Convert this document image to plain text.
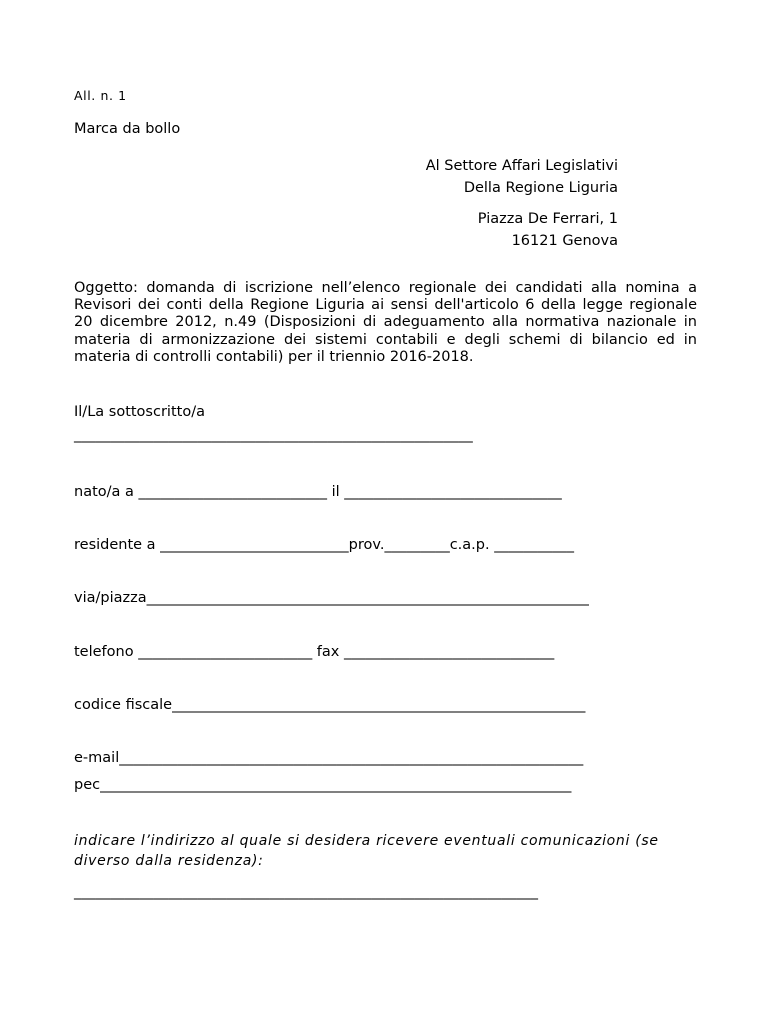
All. n. 1
Marca da bollo
Al Settore Affari Legislativi
Della Regione Liguria
Piazza De Ferrari, 1
16121 Genova
Oggetto: domanda di iscrizione nell’elenco regionale dei candidati alla nomina a Revisori dei conti della Regione Liguria ai sensi dell'articolo 6 della legge regionale 20 dicembre 2012, n.49 (Disposizioni di adeguamento alla normativa nazionale in materia di armonizzazione dei sistemi contabili e degli schemi di bilancio ed in materia di controlli contabili) per il triennio 2016-2018.
Il/La sottoscritto/a
_______________________________________________________
nato/a a __________________________ il ______________________________
residente a __________________________prov._________c.a.p. ___________
via/piazza_____________________________________________________________
telefono ________________________ fax _____________________________
codice fiscale_________________________________________________________
e-mail________________________________________________________________
pec_________________________________________________________________
indicare l’indirizzo al quale si desidera ricevere eventuali comunicazioni (se diverso dalla residenza):
________________________________________________________________
